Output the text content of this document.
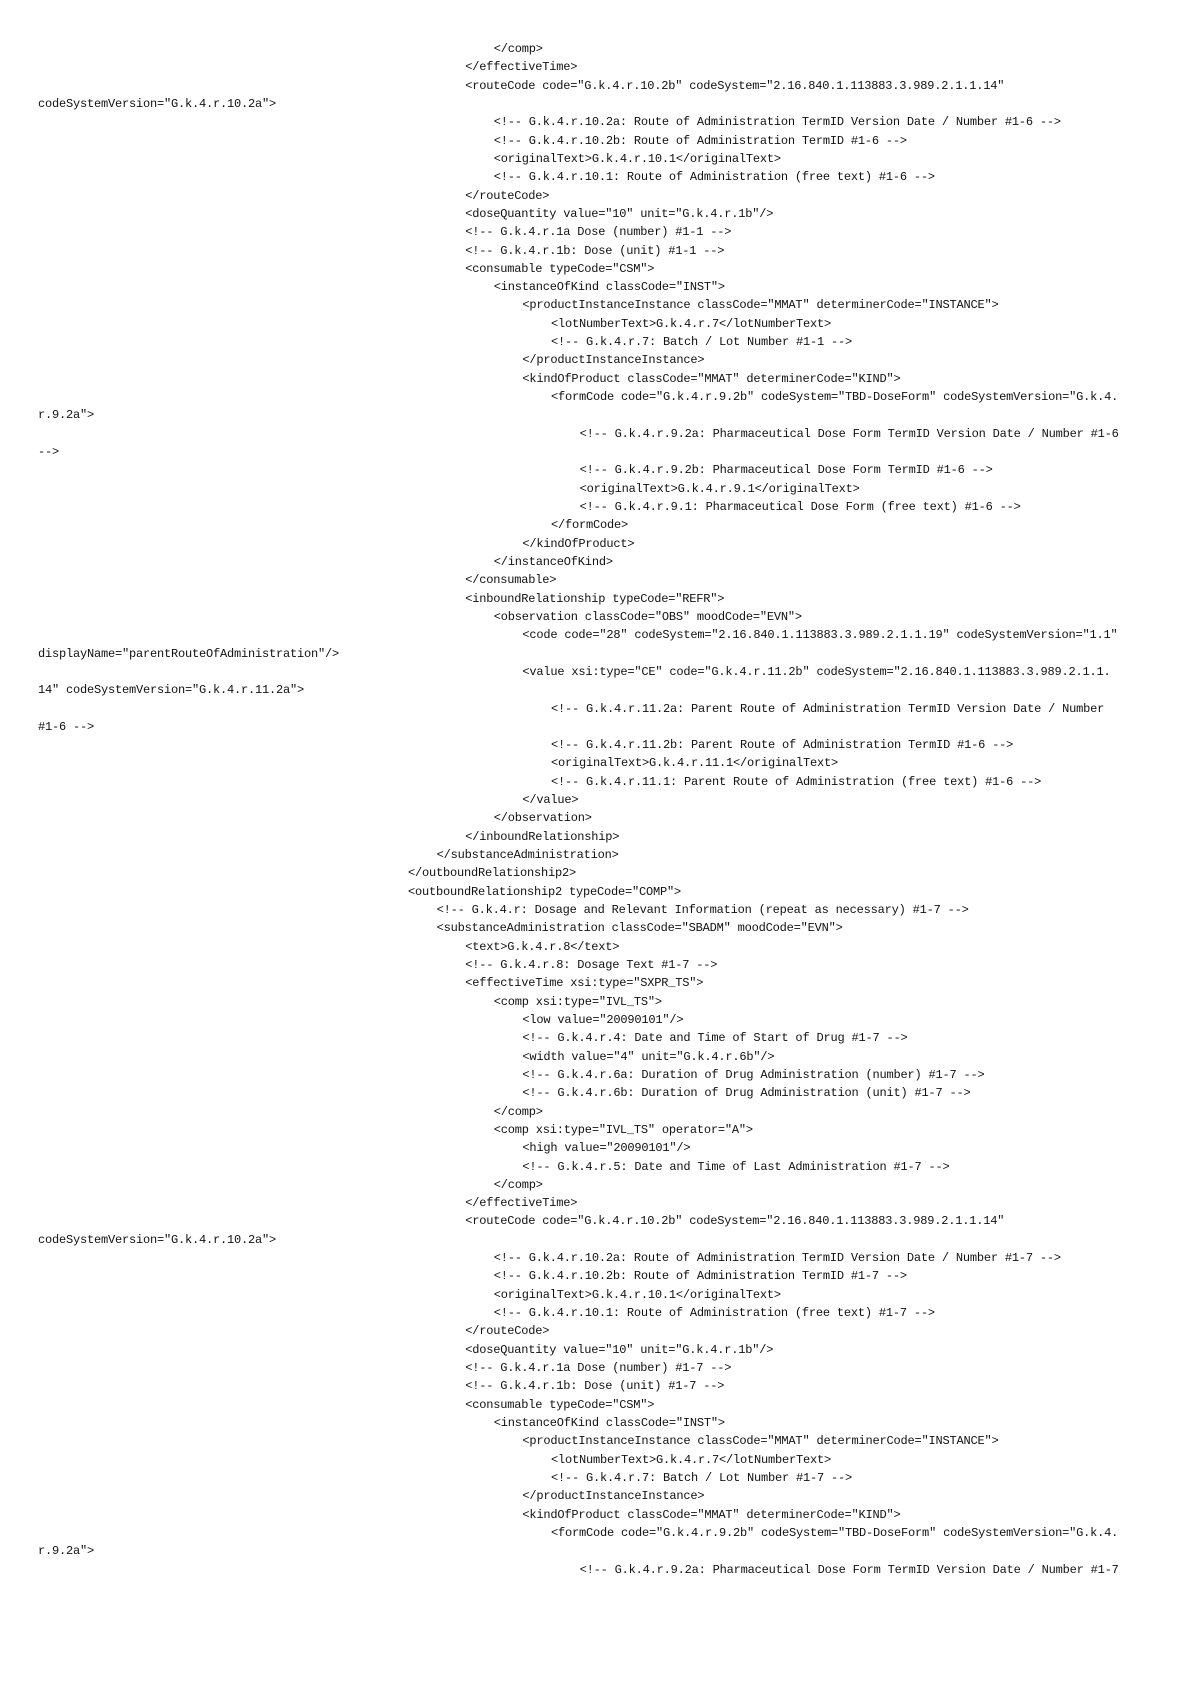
</comp>
</effectiveTime>
<routeCode code="G.k.4.r.10.2b" codeSystem="2.16.840.1.113883.3.989.2.1.1.14"
codeSystemVersion="G.k.4.r.10.2a">
<!-- G.k.4.r.10.2a: Route of Administration TermID Version Date / Number #1-6 -->
<!-- G.k.4.r.10.2b: Route of Administration TermID #1-6 -->
<originalText>G.k.4.r.10.1</originalText>
<!-- G.k.4.r.10.1: Route of Administration (free text) #1-6 -->
</routeCode>
<doseQuantity value="10" unit="G.k.4.r.1b"/>
<!-- G.k.4.r.1a Dose (number) #1-1 -->
<!-- G.k.4.r.1b: Dose (unit) #1-1 -->
<consumable typeCode="CSM">
<instanceOfKind classCode="INST">
<productInstanceInstance classCode="MMAT" determinerCode="INSTANCE">
<lotNumberText>G.k.4.r.7</lotNumberText>
<!-- G.k.4.r.7: Batch / Lot Number #1-1 -->
</productInstanceInstance>
<kindOfProduct classCode="MMAT" determinerCode="KIND">
<formCode code="G.k.4.r.9.2b" codeSystem="TBD-DoseForm" codeSystemVersion="G.k.4.
r.9.2a">
<!-- G.k.4.r.9.2a: Pharmaceutical Dose Form TermID Version Date / Number #1-6
-->
<!-- G.k.4.r.9.2b: Pharmaceutical Dose Form TermID #1-6 -->
<originalText>G.k.4.r.9.1</originalText>
<!-- G.k.4.r.9.1: Pharmaceutical Dose Form (free text) #1-6 -->
</formCode>
</kindOfProduct>
</instanceOfKind>
</consumable>
<inboundRelationship typeCode="REFR">
<observation classCode="OBS" moodCode="EVN">
<code code="28" codeSystem="2.16.840.1.113883.3.989.2.1.1.19" codeSystemVersion="1.1"
displayName="parentRouteOfAdministration"/>
<value xsi:type="CE" code="G.k.4.r.11.2b" codeSystem="2.16.840.1.113883.3.989.2.1.1.
14" codeSystemVersion="G.k.4.r.11.2a">
<!-- G.k.4.r.11.2a: Parent Route of Administration TermID Version Date / Number
#1-6 -->
<!-- G.k.4.r.11.2b: Parent Route of Administration TermID #1-6 -->
<originalText>G.k.4.r.11.1</originalText>
<!-- G.k.4.r.11.1: Parent Route of Administration (free text) #1-6 -->
</value>
</observation>
</inboundRelationship>
</substanceAdministration>
</outboundRelationship2>
<outboundRelationship2 typeCode="COMP">
<!-- G.k.4.r: Dosage and Relevant Information (repeat as necessary) #1-7 -->
<substanceAdministration classCode="SBADM" moodCode="EVN">
<text>G.k.4.r.8</text>
<!-- G.k.4.r.8: Dosage Text #1-7 -->
<effectiveTime xsi:type="SXPR_TS">
<comp xsi:type="IVL_TS">
<low value="20090101"/>
<!-- G.k.4.r.4: Date and Time of Start of Drug #1-7 -->
<width value="4" unit="G.k.4.r.6b"/>
<!-- G.k.4.r.6a: Duration of Drug Administration (number) #1-7 -->
<!-- G.k.4.r.6b: Duration of Drug Administration (unit) #1-7 -->
</comp>
<comp xsi:type="IVL_TS" operator="A">
<high value="20090101"/>
<!-- G.k.4.r.5: Date and Time of Last Administration #1-7 -->
</comp>
</effectiveTime>
<routeCode code="G.k.4.r.10.2b" codeSystem="2.16.840.1.113883.3.989.2.1.1.14"
codeSystemVersion="G.k.4.r.10.2a">
<!-- G.k.4.r.10.2a: Route of Administration TermID Version Date / Number #1-7 -->
<!-- G.k.4.r.10.2b: Route of Administration TermID #1-7 -->
<originalText>G.k.4.r.10.1</originalText>
<!-- G.k.4.r.10.1: Route of Administration (free text) #1-7 -->
</routeCode>
<doseQuantity value="10" unit="G.k.4.r.1b"/>
<!-- G.k.4.r.1a Dose (number) #1-7 -->
<!-- G.k.4.r.1b: Dose (unit) #1-7 -->
<consumable typeCode="CSM">
<instanceOfKind classCode="INST">
<productInstanceInstance classCode="MMAT" determinerCode="INSTANCE">
<lotNumberText>G.k.4.r.7</lotNumberText>
<!-- G.k.4.r.7: Batch / Lot Number #1-7 -->
</productInstanceInstance>
<kindOfProduct classCode="MMAT" determinerCode="KIND">
<formCode code="G.k.4.r.9.2b" codeSystem="TBD-DoseForm" codeSystemVersion="G.k.4.
r.9.2a">
<!-- G.k.4.r.9.2a: Pharmaceutical Dose Form TermID Version Date / Number #1-7
